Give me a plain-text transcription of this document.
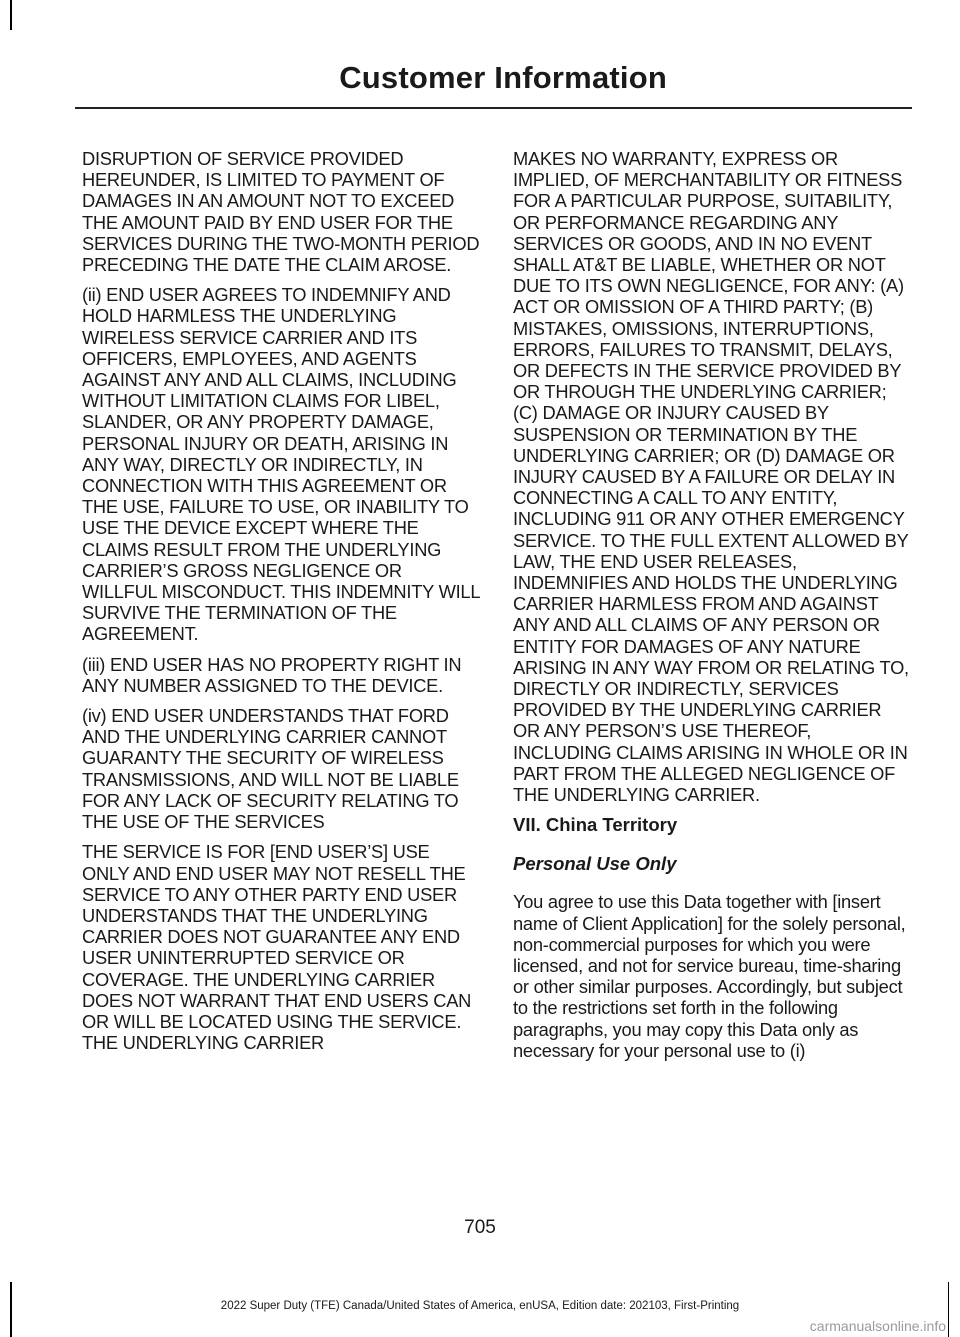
Customer Information

DISRUPTION OF SERVICE PROVIDED HEREUNDER, IS LIMITED TO PAYMENT OF DAMAGES IN AN AMOUNT NOT TO EXCEED THE AMOUNT PAID BY END USER FOR THE SERVICES DURING THE TWO-MONTH PERIOD PRECEDING THE DATE THE CLAIM AROSE.

(ii) END USER AGREES TO INDEMNIFY AND HOLD HARMLESS THE UNDERLYING WIRELESS SERVICE CARRIER AND ITS OFFICERS, EMPLOYEES, AND AGENTS AGAINST ANY AND ALL CLAIMS, INCLUDING WITHOUT LIMITATION CLAIMS FOR LIBEL, SLANDER, OR ANY PROPERTY DAMAGE, PERSONAL INJURY OR DEATH, ARISING IN ANY WAY, DIRECTLY OR INDIRECTLY, IN CONNECTION WITH THIS AGREEMENT OR THE USE, FAILURE TO USE, OR INABILITY TO USE THE DEVICE EXCEPT WHERE THE CLAIMS RESULT FROM THE UNDERLYING CARRIER’S GROSS NEGLIGENCE OR WILLFUL MISCONDUCT. THIS INDEMNITY WILL SURVIVE THE TERMINATION OF THE AGREEMENT.

(iii) END USER HAS NO PROPERTY RIGHT IN ANY NUMBER ASSIGNED TO THE DEVICE.

(iv) END USER UNDERSTANDS THAT FORD AND THE UNDERLYING CARRIER CANNOT GUARANTY THE SECURITY OF WIRELESS TRANSMISSIONS, AND WILL NOT BE LIABLE FOR ANY LACK OF SECURITY RELATING TO THE USE OF THE SERVICES

THE SERVICE IS FOR [END USER’S] USE ONLY AND END USER MAY NOT RESELL THE SERVICE TO ANY OTHER PARTY END USER UNDERSTANDS THAT THE UNDERLYING CARRIER DOES NOT GUARANTEE ANY END USER UNINTERRUPTED SERVICE OR COVERAGE. THE UNDERLYING CARRIER DOES NOT WARRANT THAT END USERS CAN OR WILL BE LOCATED USING THE SERVICE. THE UNDERLYING CARRIER

MAKES NO WARRANTY, EXPRESS OR IMPLIED, OF MERCHANTABILITY OR FITNESS FOR A PARTICULAR PURPOSE, SUITABILITY, OR PERFORMANCE REGARDING ANY SERVICES OR GOODS, AND IN NO EVENT SHALL AT&T BE LIABLE, WHETHER OR NOT DUE TO ITS OWN NEGLIGENCE, FOR ANY: (A) ACT OR OMISSION OF A THIRD PARTY; (B) MISTAKES, OMISSIONS, INTERRUPTIONS, ERRORS, FAILURES TO TRANSMIT, DELAYS, OR DEFECTS IN THE SERVICE PROVIDED BY OR THROUGH THE UNDERLYING CARRIER; (C) DAMAGE OR INJURY CAUSED BY SUSPENSION OR TERMINATION BY THE UNDERLYING CARRIER; OR (D) DAMAGE OR INJURY CAUSED BY A FAILURE OR DELAY IN CONNECTING A CALL TO ANY ENTITY, INCLUDING 911 OR ANY OTHER EMERGENCY SERVICE. TO THE FULL EXTENT ALLOWED BY LAW, THE END USER RELEASES, INDEMNIFIES AND HOLDS THE UNDERLYING CARRIER HARMLESS FROM AND AGAINST ANY AND ALL CLAIMS OF ANY PERSON OR ENTITY FOR DAMAGES OF ANY NATURE ARISING IN ANY WAY FROM OR RELATING TO, DIRECTLY OR INDIRECTLY, SERVICES PROVIDED BY THE UNDERLYING CARRIER OR ANY PERSON’S USE THEREOF, INCLUDING CLAIMS ARISING IN WHOLE OR IN PART FROM THE ALLEGED NEGLIGENCE OF THE UNDERLYING CARRIER.

VII. China Territory
Personal Use Only

You agree to use this Data together with [insert name of Client Application] for the solely personal, non-commercial purposes for which you were licensed, and not for service bureau, time-sharing or other similar purposes. Accordingly, but subject to the restrictions set forth in the following paragraphs, you may copy this Data only as necessary for your personal use to (i)

705

2022 Super Duty (TFE) Canada/United States of America, enUSA, Edition date: 202103, First-Printing

carmanualsonline.info
